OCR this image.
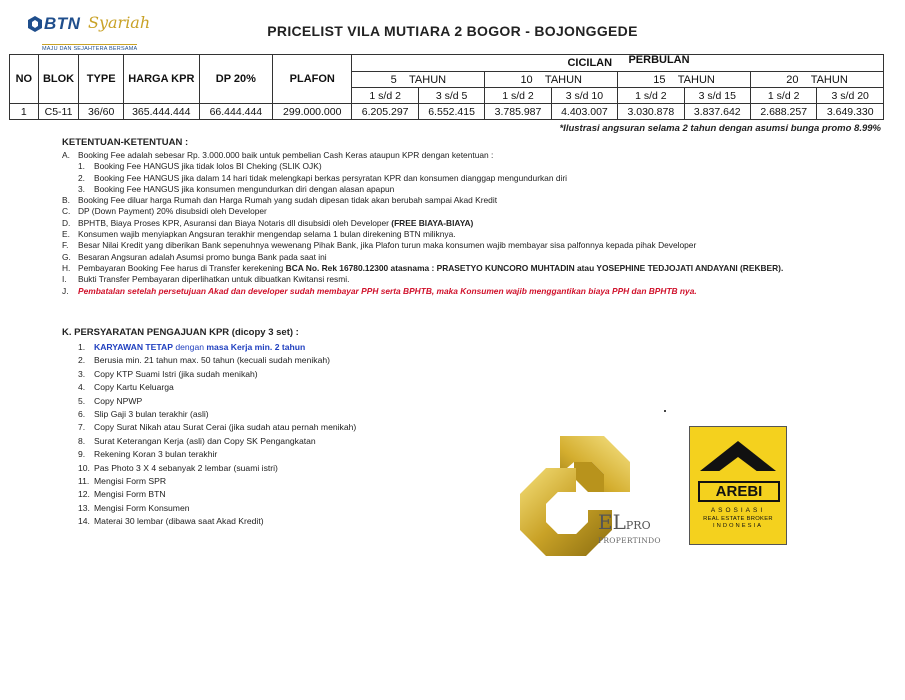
BTN Syariah
MAJU DAN SEJAHTERA BERSAMA
PRICELIST VILA MUTIARA 2 BOGOR - BOJONGGEDE
NO	BLOK	TYPE	HARGA KPR	DP 20%	PLAFON	CICILAN PERBULAN							

						5 TAHUN		10 TAHUN		15 TAHUN		20 TAHUN	
						1 s/d 2	3 s/d 5	1 s/d 2	3 s/d 10	1 s/d 2	3 s/d 15	1 s/d 2	3 s/d 20
1	C5-11	36/60	365.444.444	66.444.444	299.000.000	6.205.297	6.552.415	3.785.987	4.403.007	3.030.878	3.837.642	2.688.257	3.649.330
*Ilustrasi angsuran selama 2 tahun dengan asumsi bunga promo 8.99%
KETENTUAN-KETENTUAN :
A. Booking Fee adalah sebesar Rp. 3.000.000 baik untuk pembelian Cash Keras ataupun KPR dengan ketentuan :
1. Booking Fee HANGUS jika tidak lolos BI Cheking (SLIK OJK)
2. Booking Fee HANGUS jika dalam 14 hari tidak melengkapi berkas persyratan KPR dan konsumen dianggap mengundurkan diri
3. Booking Fee HANGUS jika konsumen mengundurkan diri dengan alasan apapun
B. Booking Fee diluar harga Rumah dan Harga Rumah yang sudah dipesan tidak akan berubah sampai Akad Kredit
C. DP (Down Payment) 20% disubsidi oleh Developer
D. BPHTB, Biaya Proses KPR, Asuransi dan Biaya Notaris dll disubsidi oleh Developer (FREE BIAYA-BIAYA)
E. Konsumen wajib menyiapkan Angsuran terakhir mengendap selama 1 bulan direkening BTN miliknya.
F. Besar Nilai Kredit yang diberikan Bank sepenuhnya wewenang Pihak Bank, jika Plafon turun maka konsumen wajib membayar sisa palfonnya kepada pihak Developer
G. Besaran Angsuran adalah Asumsi promo bunga Bank pada saat ini
H. Pembayaran Booking Fee harus di Transfer kerekening BCA No. Rek 16780.12300 atasnama : PRASETYO KUNCORO MUHTADIN atau YOSEPHINE TEDJOJATI ANDAYANI (REKBER).
I. Bukti Transfer Pembayaran diperlihatkan untuk dibuatkan Kwitansi resmi.
J. Pembatalan setelah persetujuan Akad dan developer sudah membayar PPH serta BPHTB, maka Konsumen wajib menggantikan biaya PPH dan BPHTB nya.
K. PERSYARATAN PENGAJUAN KPR (dicopy 3 set) :
1. KARYAWAN TETAP dengan masa Kerja min. 2 tahun
2. Berusia min. 21 tahun max. 50 tahun (kecuali sudah menikah)
3. Copy KTP Suami Istri (jika sudah menikah)
4. Copy Kartu Keluarga
5. Copy NPWP
6. Slip Gaji 3 bulan terakhir (asli)
7. Copy Surat Nikah atau Surat Cerai (jika sudah atau pernah menikah)
8. Surat Keterangan Kerja (asli) dan Copy SK Pengangkatan
9. Rekening Koran 3 bulan terakhir
10. Pas Photo 3 X 4 sebanyak 2 lembar (suami istri)
11. Mengisi Form SPR
12. Mengisi Form BTN
13. Mengisi Form Konsumen
14. Materai 30 lembar (dibawa saat Akad Kredit)	ELPRO
PROPERTINDO
AREBI
ASOSIASI
REAL ESTATE BROKER
INDONESIA
